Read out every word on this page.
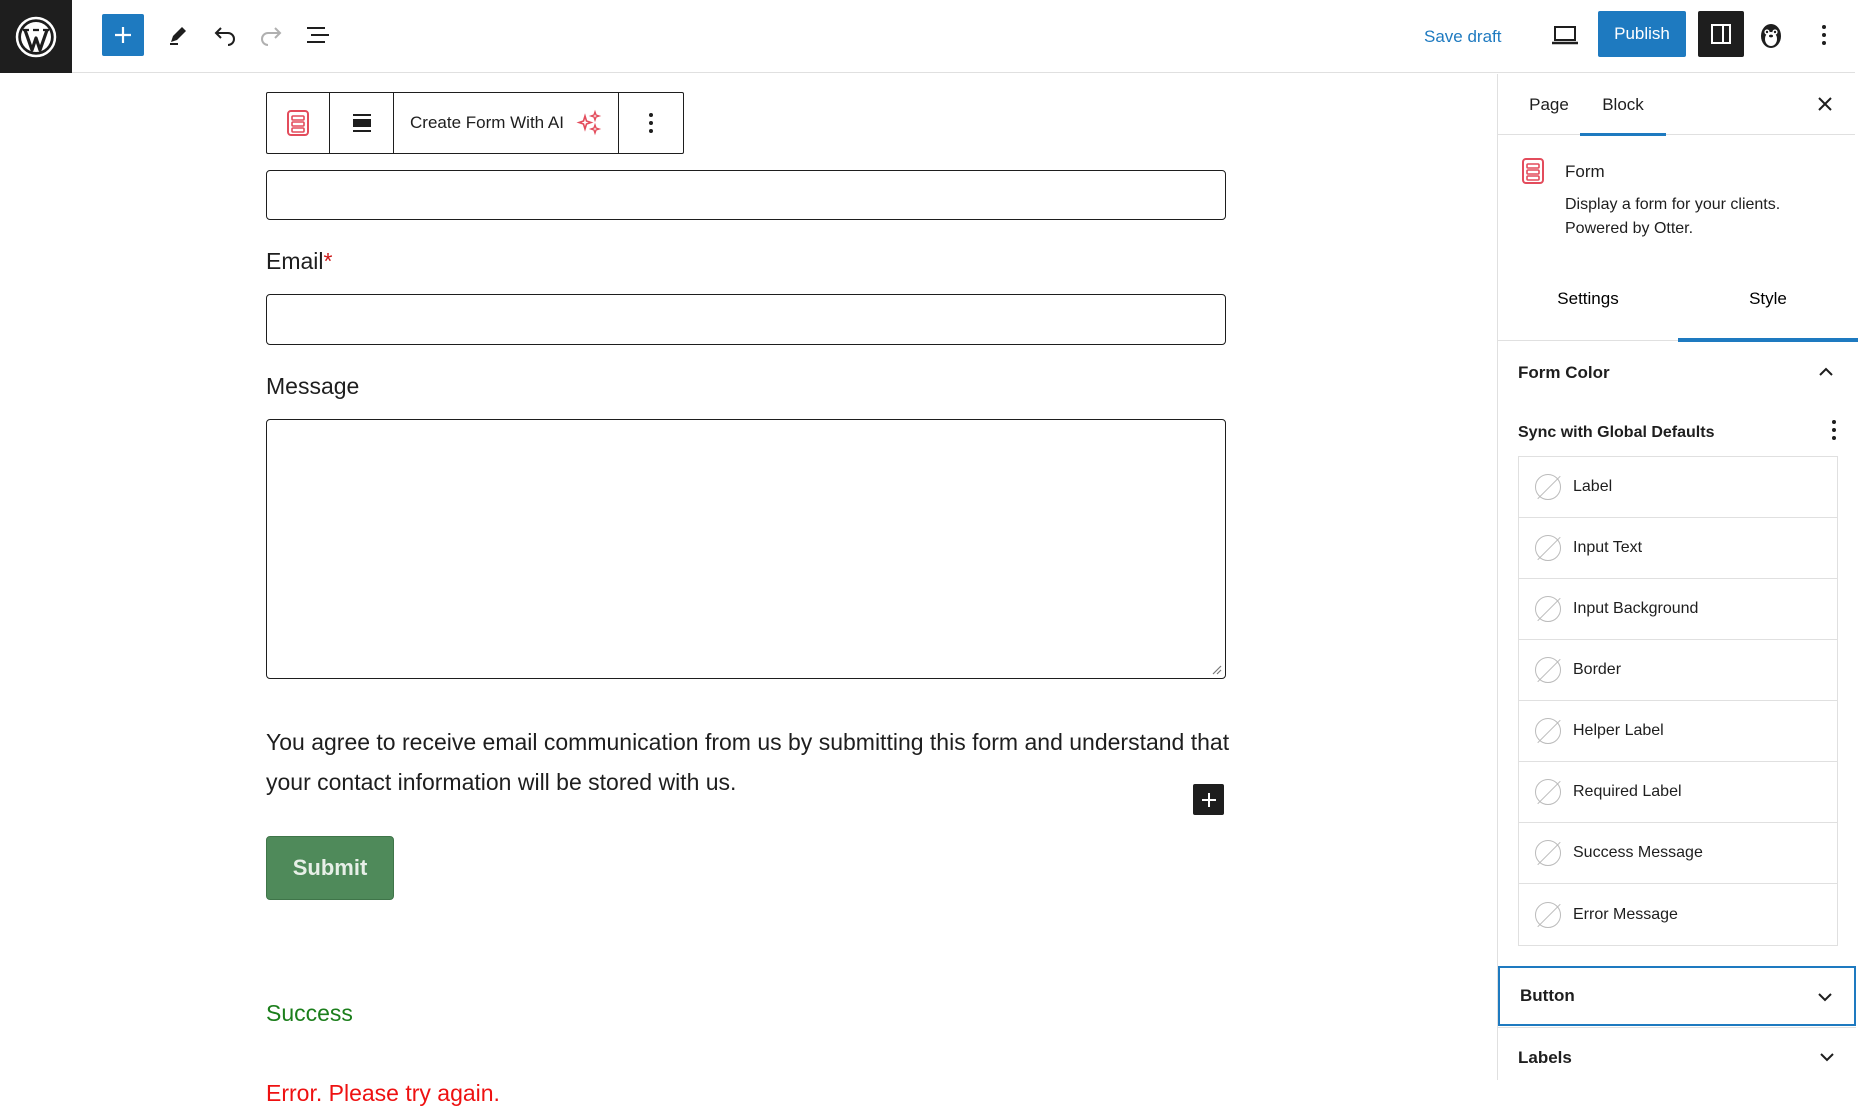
Save draft	Publish
Create Form With AI
Email*
Message

You agree to receive email communication from us by submitting this form and understand that your contact information will be stored with us.

Submit
Success
Error. Please try again.
Page	Block
Form
Display a form for your clients. Powered by Otter.
Settings	Style
Form Color
Sync with Global Defaults
Label
Input Text
Input Background
Border
Helper Label
Required Label
Success Message
Error Message
Button
Labels
